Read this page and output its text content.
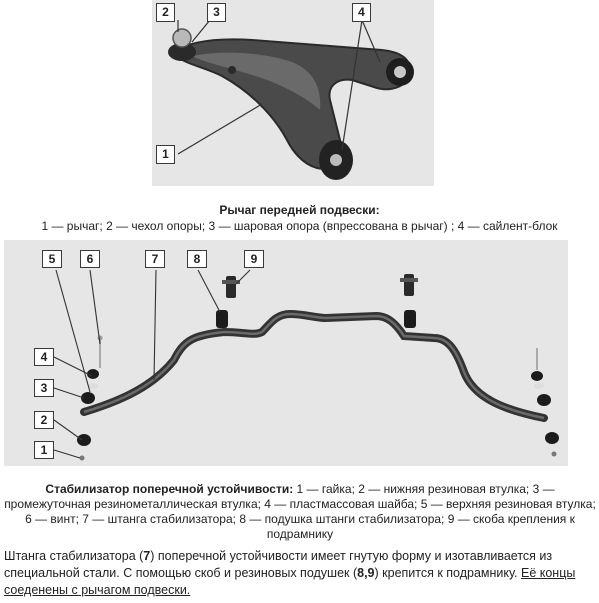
2	3	4
1
Рычаг передней подвески:
1 — рычаг; 2 — чехол опоры; 3 — шаровая опора (впрессована в рычаг) ; 4 — сайлент-блок
5	6	7	8	9
4
3
2
1
Стабилизатор поперечной устойчивости: 1 — гайка; 2 — нижняя резиновая втулка; 3 — промежуточная резинометаллическая втулка; 4 — пластмассовая шайба; 5 — верхняя резиновая втулка; 6 — винт; 7 — штанга стабилизатора; 8 — подушка штанги стабилизатора; 9 — скоба крепления к подрамнику
Штанга стабилизатора (7) поперечной устойчивости имеет гнутую форму и изотавливается из специальной стали. С помощью скоб и резиновых подушек (8,9) крепится к подрамнику. Её концы соеденены с рычагом подвески.
